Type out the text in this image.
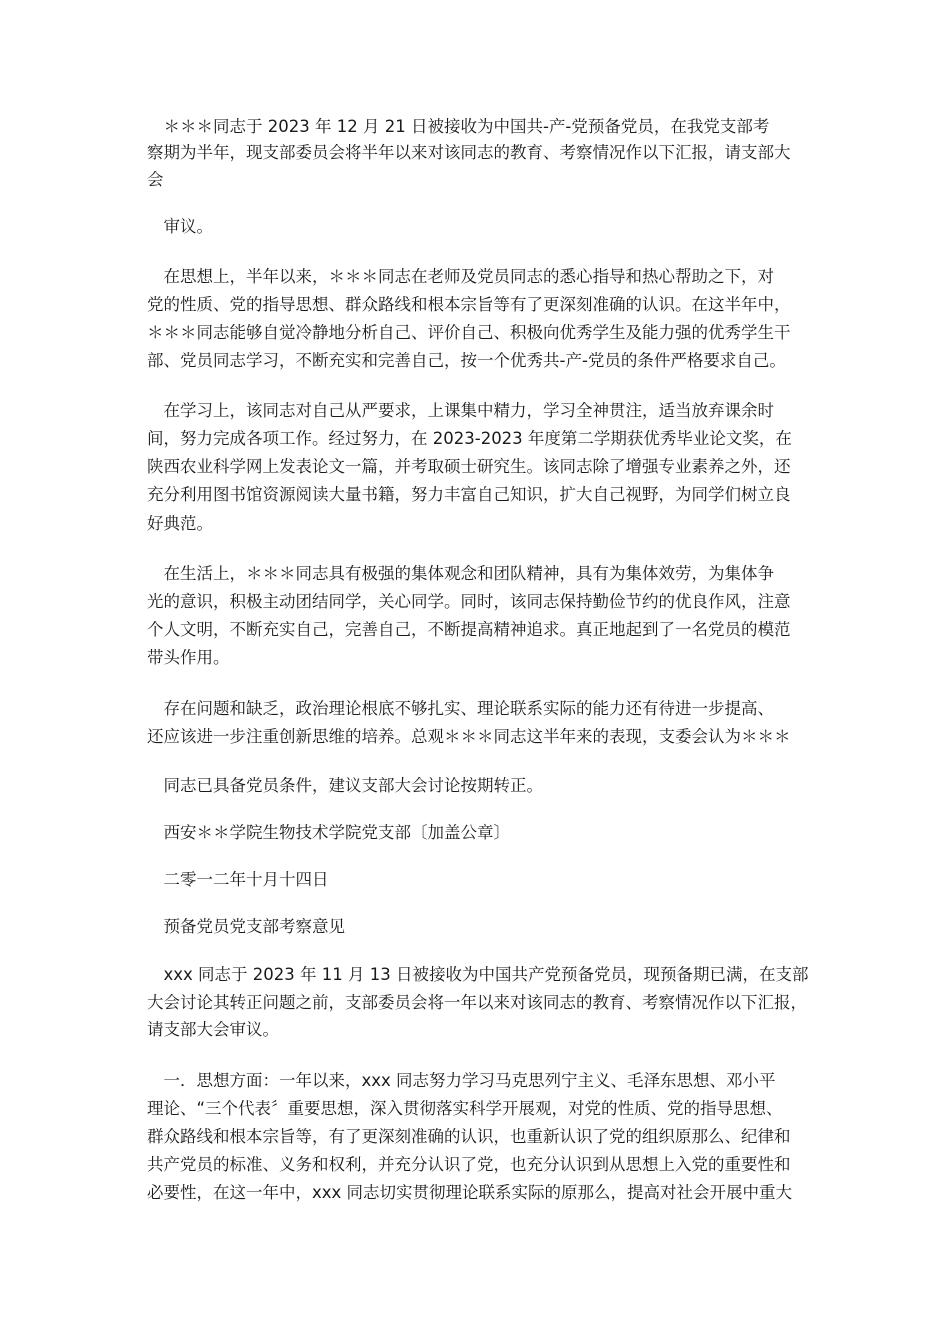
　＊＊＊同志于 2023 年 12 月 21 日被接收为中国共-产-党预备党员，在我党支部考
察期为半年，现支部委员会将半年以来对该同志的教育、考察情况作以下汇报，请支部大
会
　审议。
　在思想上，半年以来，＊＊＊同志在老师及党员同志的悉心指导和热心帮助之下，对
党的性质、党的指导思想、群众路线和根本宗旨等有了更深刻准确的认识。在这半年中，
＊＊＊同志能够自觉冷静地分析自己、评价自己、积极向优秀学生及能力强的优秀学生干
部、党员同志学习，不断充实和完善自己，按一个优秀共-产-党员的条件严格要求自己。
　在学习上，该同志对自己从严要求，上课集中精力，学习全神贯注，适当放弃课余时
间，努力完成各项工作。经过努力，在 2023-2023 年度第二学期获优秀毕业论文奖，在
陕西农业科学网上发表论文一篇，并考取硕士研究生。该同志除了增强专业素养之外，还
充分利用图书馆资源阅读大量书籍，努力丰富自己知识，扩大自己视野，为同学们树立良
好典范。
　在生活上，＊＊＊同志具有极强的集体观念和团队精神，具有为集体效劳，为集体争
光的意识，积极主动团结同学，关心同学。同时，该同志保持勤俭节约的优良作风，注意
个人文明，不断充实自己，完善自己，不断提高精神追求。真正地起到了一名党员的模范
带头作用。
　存在问题和缺乏，政治理论根底不够扎实、理论联系实际的能力还有待进一步提高、
还应该进一步注重创新思维的培养。总观＊＊＊同志这半年来的表现，支委会认为＊＊＊
　同志已具备党员条件，建议支部大会讨论按期转正。
　西安＊＊学院生物技术学院党支部〔加盖公章〕
　二零一二年十月十四日
　预备党员党支部考察意见
　xxx 同志于 2023 年 11 月 13 日被接收为中国共产党预备党员，现预备期已满，在支部
大会讨论其转正问题之前，支部委员会将一年以来对该同志的教育、考察情况作以下汇报，
请支部大会审议。
　一．思想方面：一年以来，xxx 同志努力学习马克思列宁主义、毛泽东思想、邓小平
理论、“三个代表〞重要思想，深入贯彻落实科学开展观，对党的性质、党的指导思想、
群众路线和根本宗旨等，有了更深刻准确的认识，也重新认识了党的组织原那么、纪律和
共产党员的标准、义务和权利，并充分认识了党，也充分认识到从思想上入党的重要性和
必要性，在这一年中，xxx 同志切实贯彻理论联系实际的原那么，提高对社会开展中重大
